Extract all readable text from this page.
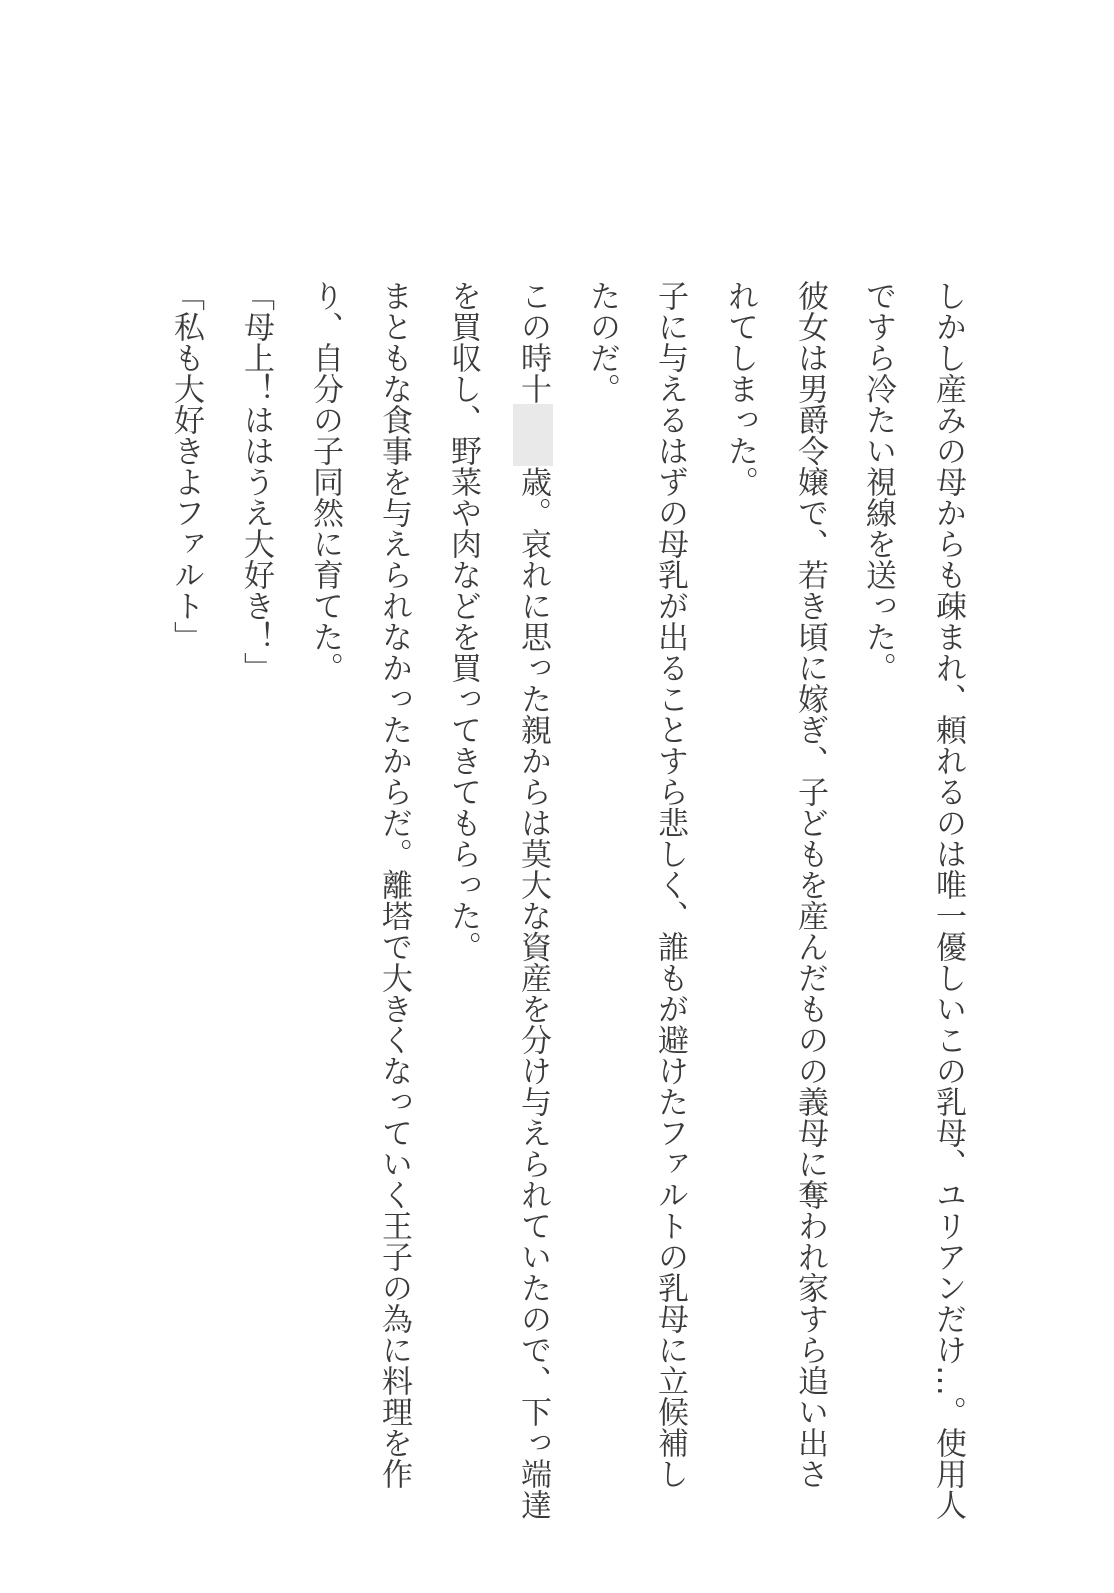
しかし産みの母からも疎まれ、頼れるのは唯一優しいこの乳母、ユリアンだけ…。使用人
ですら冷たい視線を送った。
彼女は男爵令嬢で、若き頃に嫁ぎ、子どもを産んだものの義母に奪われ家すら追い出さ
れてしまった。
子に与えるはずの母乳が出ることすら悲しく、誰もが避けたファルトの乳母に立候補し
たのだ。
この時十十十歳。哀れに思った親からは莫大な資産を分け与えられていたので、下っ端達
を買収し、野菜や肉などを買ってきてもらった。
まともな食事を与えられなかったからだ。離塔で大きくなっていく王子の為に料理を作
り、自分の子同然に育てた。
「母上！ははうえ大好き！」
「私も大好きよファルト」
